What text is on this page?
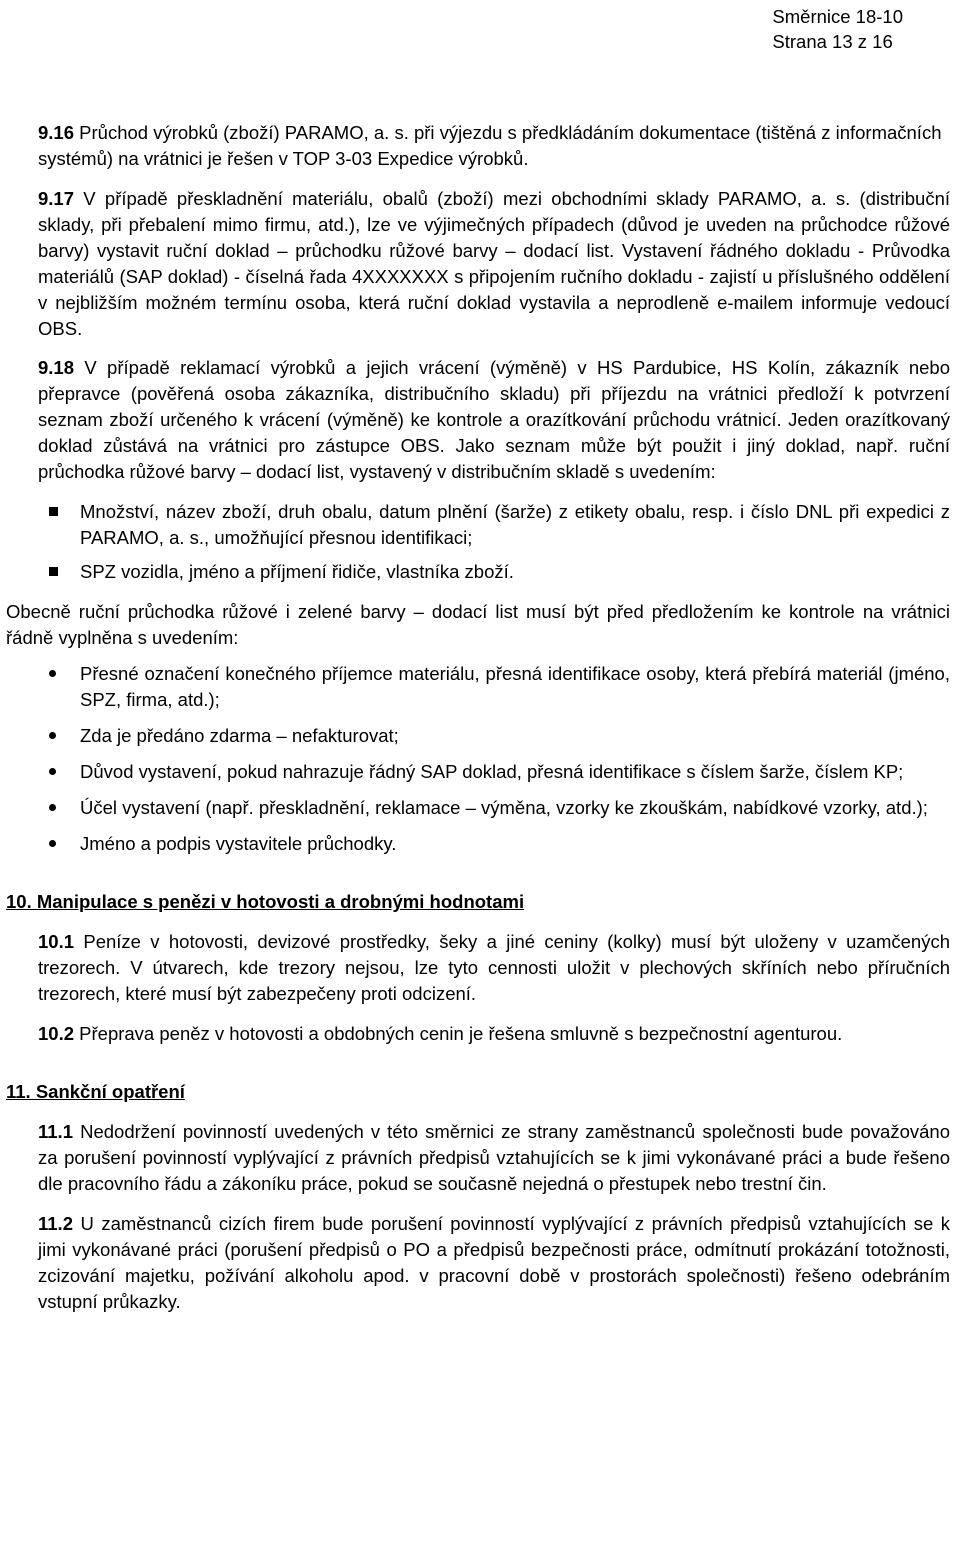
Směrnice 18-10
Strana 13 z 16

9.16 Průchod výrobků (zboží) PARAMO, a. s. při výjezdu s předkládáním dokumentace (tištěná z informačních systémů) na vrátnici je řešen v TOP 3-03 Expedice výrobků.

9.17 V případě přeskladnění materiálu, obalů (zboží) mezi obchodními sklady PARAMO, a. s. (distribuční sklady, při přebalení mimo firmu, atd.), lze ve výjimečných případech (důvod je uveden na průchodce růžové barvy) vystavit ruční doklad – průchodku růžové barvy – dodací list. Vystavení řádného dokladu - Průvodka materiálů (SAP doklad) - číselná řada 4XXXXXXX s připojením ručního dokladu - zajistí u příslušného oddělení v nejbližším možném termínu osoba, která ruční doklad vystavila a neprodleně e-mailem informuje vedoucí OBS.

9.18 V případě reklamací výrobků a jejich vrácení (výměně) v HS Pardubice, HS Kolín, zákazník nebo přepravce (pověřená osoba zákazníka, distribučního skladu) při příjezdu na vrátnici předloží k potvrzení seznam zboží určeného k vrácení (výměně) ke kontrole a orazítkování průchodu vrátnicí. Jeden orazítkovaný doklad zůstává na vrátnici pro zástupce OBS. Jako seznam může být použit i jiný doklad, např. ruční průchodka růžové barvy – dodací list, vystavený v distribučním skladě s uvedením:

Množství, název zboží, druh obalu, datum plnění (šarže) z etikety obalu, resp. i číslo DNL při expedici z PARAMO, a. s., umožňující přesnou identifikaci;
SPZ vozidla, jméno a příjmení řidiče, vlastníka zboží.

Obecně ruční průchodka růžové i zelené barvy – dodací list musí být před předložením ke kontrole na vrátnici řádně vyplněna s uvedením:

Přesné označení konečného příjemce materiálu, přesná identifikace osoby, která přebírá materiál (jméno, SPZ, firma, atd.);
Zda je předáno zdarma – nefakturovat;
Důvod vystavení, pokud nahrazuje řádný SAP doklad, přesná identifikace s číslem šarže, číslem KP;
Účel vystavení (např. přeskladnění, reklamace – výměna, vzorky ke zkouškám, nabídkové vzorky, atd.);
Jméno a podpis vystavitele průchodky.
10. Manipulace s penězi v hotovosti a drobnými hodnotami

10.1 Peníze v hotovosti, devizové prostředky, šeky a jiné ceniny (kolky) musí být uloženy v uzamčených trezorech. V útvarech, kde trezory nejsou, lze tyto cennosti uložit v plechových skříních nebo příručních trezorech, které musí být zabezpečeny proti odcizení.

10.2 Přeprava peněz v hotovosti a obdobných cenin je řešena smluvně s bezpečnostní agenturou.

11. Sankční opatření

11.1 Nedodržení povinností uvedených v této směrnici ze strany zaměstnanců společnosti bude považováno za porušení povinností vyplývající z právních předpisů vztahujících se k jimi vykonávané práci a bude řešeno dle pracovního řádu a zákoníku práce, pokud se současně nejedná o přestupek nebo trestní čin.

11.2 U zaměstnanců cizích firem bude porušení povinností vyplývající z právních předpisů vztahujících se k jimi vykonávané práci (porušení předpisů o PO a předpisů bezpečnosti práce, odmítnutí prokázání totožnosti, zcizování majetku, požívání alkoholu apod. v pracovní době v prostorách společnosti) řešeno odebráním vstupní průkazky.
